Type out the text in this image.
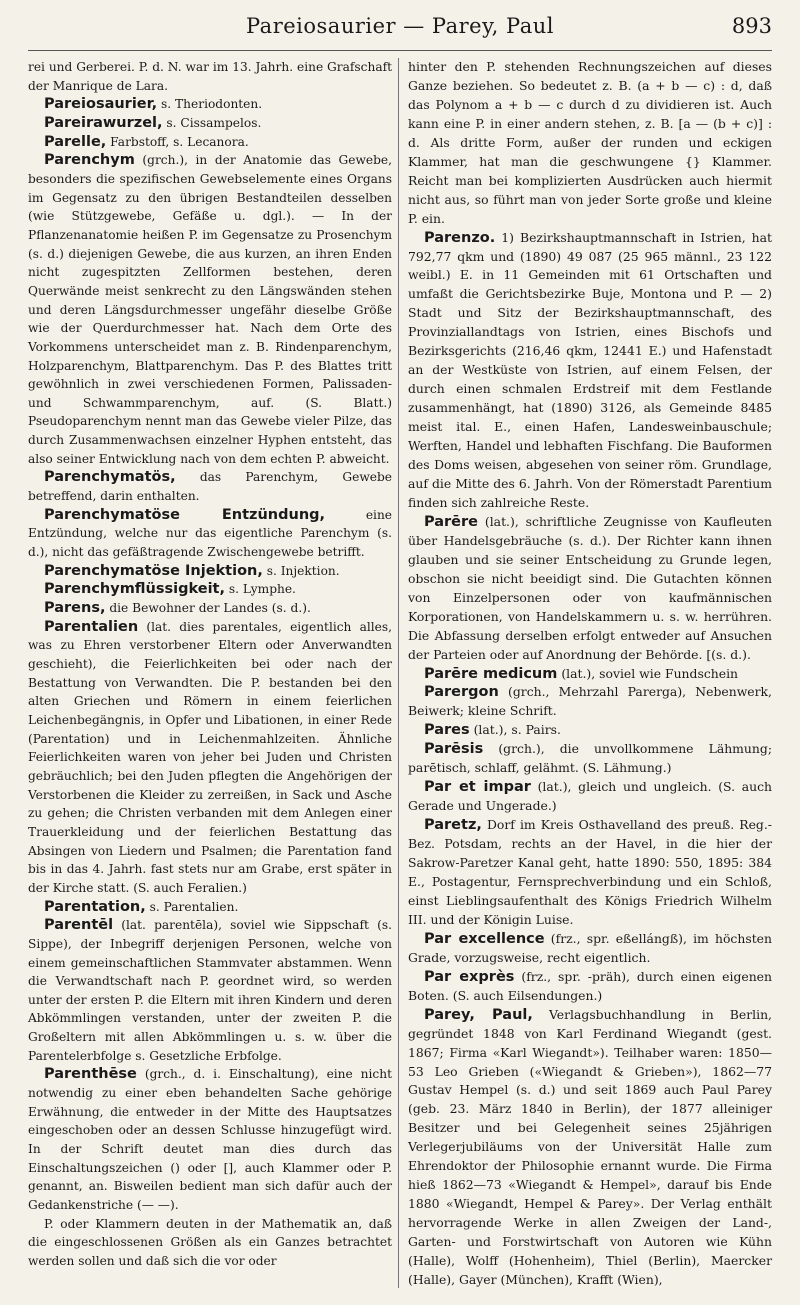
Pareiosaurier — Parey, Paul	893

rei und Gerberei. P. d. N. war im 13. Jahrh. eine Grafschaft der Manrique de Lara.

Pareiosaurier, s. Theriodonten.

Pareirawurzel, s. Cissampelos.

Parelle, Farbstoff, s. Lecanora.

Parenchym (grch.), in der Anatomie das Gewebe, besonders die spezifischen Gewebselemente eines Organs im Gegensatz zu den übrigen Bestandteilen desselben (wie Stützgewebe, Gefäße u. dgl.). — In der Pflanzenanatomie heißen P. im Gegensatze zu Prosenchym (s. d.) diejenigen Gewebe, die aus kurzen, an ihren Enden nicht zugespitzten Zellformen bestehen, deren Querwände meist senkrecht zu den Längswänden stehen und deren Längsdurchmesser ungefähr dieselbe Größe wie der Querdurchmesser hat. Nach dem Orte des Vorkommens unterscheidet man z. B. Rindenparenchym, Holzparenchym, Blattparenchym. Das P. des Blattes tritt gewöhnlich in zwei verschiedenen Formen, Palissaden- und Schwammparenchym, auf. (S. Blatt.) Pseudoparenchym nennt man das Gewebe vieler Pilze, das durch Zusammenwachsen einzelner Hyphen entsteht, das also seiner Entwicklung nach von dem echten P. abweicht.

Parenchymatös, das Parenchym, Gewebe betreffend, darin enthalten.

Parenchymatöse Entzündung, eine Entzündung, welche nur das eigentliche Parenchym (s. d.), nicht das gefäßtragende Zwischengewebe betrifft.

Parenchymatöse Injektion, s. Injektion.

Parenchymflüssigkeit, s. Lymphe.

Parens, die Bewohner der Landes (s. d.).

Parentalien (lat. dies parentales, eigentlich alles, was zu Ehren verstorbener Eltern oder Anverwandten geschieht), die Feierlichkeiten bei oder nach der Bestattung von Verwandten. Die P. bestanden bei den alten Griechen und Römern in einem feierlichen Leichenbegängnis, in Opfer und Libationen, in einer Rede (Parentation) und in Leichenmahlzeiten. Ähnliche Feierlichkeiten waren von jeher bei Juden und Christen gebräuchlich; bei den Juden pflegten die Angehörigen der Verstorbenen die Kleider zu zerreißen, in Sack und Asche zu gehen; die Christen verbanden mit dem Anlegen einer Trauerkleidung und der feierlichen Bestattung das Absingen von Liedern und Psalmen; die Parentation fand bis in das 4. Jahrh. fast stets nur am Grabe, erst später in der Kirche statt. (S. auch Feralien.)

Parentation, s. Parentalien.

Parentēl (lat. parentēla), soviel wie Sippschaft (s. Sippe), der Inbegriff derjenigen Personen, welche von einem gemeinschaftlichen Stammvater abstammen. Wenn die Verwandtschaft nach P. geordnet wird, so werden unter der ersten P. die Eltern mit ihren Kindern und deren Abkömmlingen verstanden, unter der zweiten P. die Großeltern mit allen Abkömmlingen u. s. w. über die Parentelerbfolge s. Gesetzliche Erbfolge.

Parenthēse (grch., d. i. Einschaltung), eine nicht notwendig zu einer eben behandelten Sache gehörige Erwähnung, die entweder in der Mitte des Hauptsatzes eingeschoben oder an dessen Schlusse hinzugefügt wird. In der Schrift deutet man dies durch das Einschaltungszeichen () oder [], auch Klammer oder P. genannt, an. Bisweilen bedient man sich dafür auch der Gedankenstriche (— —).

P. oder Klammern deuten in der Mathematik an, daß die eingeschlossenen Größen als ein Ganzes betrachtet werden sollen und daß sich die vor oder

hinter den P. stehenden Rechnungszeichen auf dieses Ganze beziehen. So bedeutet z. B. (a + b — c) : d, daß das Polynom a + b — c durch d zu dividieren ist. Auch kann eine P. in einer andern stehen, z. B. [a — (b + c)] : d. Als dritte Form, außer der runden und eckigen Klammer, hat man die geschwungene {} Klammer. Reicht man bei komplizierten Ausdrücken auch hiermit nicht aus, so führt man von jeder Sorte große und kleine P. ein.

Parenzo. 1) Bezirkshauptmannschaft in Istrien, hat 792,77 qkm und (1890) 49 087 (25 965 männl., 23 122 weibl.) E. in 11 Gemeinden mit 61 Ortschaften und umfaßt die Gerichtsbezirke Buje, Montona und P. — 2) Stadt und Sitz der Bezirkshauptmannschaft, des Provinziallandtags von Istrien, eines Bischofs und Bezirksgerichts (216,46 qkm, 12441 E.) und Hafenstadt an der Westküste von Istrien, auf einem Felsen, der durch einen schmalen Erdstreif mit dem Festlande zusammenhängt, hat (1890) 3126, als Gemeinde 8485 meist ital. E., einen Hafen, Landesweinbauschule; Werften, Handel und lebhaften Fischfang. Die Bauformen des Doms weisen, abgesehen von seiner röm. Grundlage, auf die Mitte des 6. Jahrh. Von der Römerstadt Parentium finden sich zahlreiche Reste.

Parēre (lat.), schriftliche Zeugnisse von Kaufleuten über Handelsgebräuche (s. d.). Der Richter kann ihnen glauben und sie seiner Entscheidung zu Grunde legen, obschon sie nicht beeidigt sind. Die Gutachten können von Einzelpersonen oder von kaufmännischen Korporationen, von Handelskammern u. s. w. herrühren. Die Abfassung derselben erfolgt entweder auf Ansuchen der Parteien oder auf Anordnung der Behörde. [(s. d.).

Parēre medicum (lat.), soviel wie Fundschein

Parergon (grch., Mehrzahl Parerga), Nebenwerk, Beiwerk; kleine Schrift.

Pares (lat.), s. Pairs.

Parēsis (grch.), die unvollkommene Lähmung; parētisch, schlaff, gelähmt. (S. Lähmung.)

Par et impar (lat.), gleich und ungleich. (S. auch Gerade und Ungerade.)

Paretz, Dorf im Kreis Osthavelland des preuß. Reg.-Bez. Potsdam, rechts an der Havel, in die hier der Sakrow-Paretzer Kanal geht, hatte 1890: 550, 1895: 384 E., Postagentur, Fernsprechverbindung und ein Schloß, einst Lieblingsaufenthalt des Königs Friedrich Wilhelm III. und der Königin Luise.

Par excellence (frz., spr. eßellángß), im höchsten Grade, vorzugsweise, recht eigentlich.

Par exprès (frz., spr. -präh), durch einen eigenen Boten. (S. auch Eilsendungen.)

Parey, Paul, Verlagsbuchhandlung in Berlin, gegründet 1848 von Karl Ferdinand Wiegandt (gest. 1867; Firma «Karl Wiegandt»). Teilhaber waren: 1850—53 Leo Grieben («Wiegandt & Grieben»), 1862—77 Gustav Hempel (s. d.) und seit 1869 auch Paul Parey (geb. 23. März 1840 in Berlin), der 1877 alleiniger Besitzer und bei Gelegenheit seines 25jährigen Verlegerjubiläums von der Universität Halle zum Ehrendoktor der Philosophie ernannt wurde. Die Firma hieß 1862—73 «Wiegandt & Hempel», darauf bis Ende 1880 «Wiegandt, Hempel & Parey». Der Verlag enthält hervorragende Werke in allen Zweigen der Land-, Garten- und Forstwirtschaft von Autoren wie Kühn (Halle), Wolff (Hohenheim), Thiel (Berlin), Maercker (Halle), Gayer (München), Krafft (Wien),
